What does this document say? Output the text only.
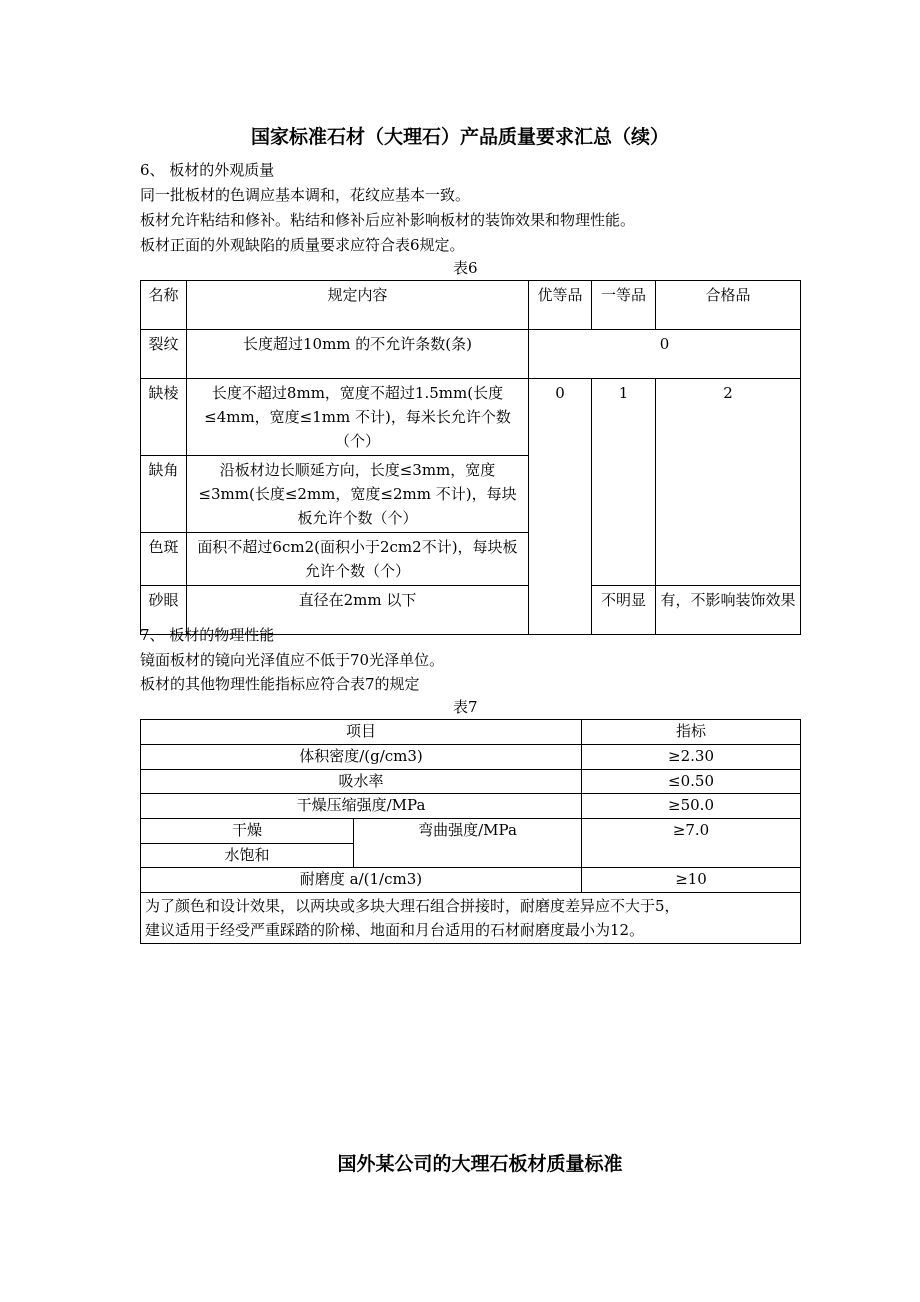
国家标准石材（大理石）产品质量要求汇总（续）
6、 板材的外观质量
同一批板材的色调应基本调和，花纹应基本一致。
板材允许粘结和修补。粘结和修补后应补影响板材的装饰效果和物理性能。
板材正面的外观缺陷的质量要求应符合表6规定。
表6
名称	规定内容	优等品	一等品	合格品
裂纹	长度超过10mm 的不允许条数(条)	0		
缺棱	长度不超过8mm，宽度不超过1.5mm(长度≤4mm，宽度≤1mm 不计)，每米长允许个数（个）	0	1	2
缺角	沿板材边长顺延方向，长度≤3mm，宽度≤3mm(长度≤2mm，宽度≤2mm 不计)，每块板允许个数（个）			
色斑	面积不超过6cm2(面积小于2cm2不计)，每块板允许个数（个）			
砂眼	直径在2mm 以下		不明显	有，不影响装饰效果
7、 板材的物理性能
镜面板材的镜向光泽值应不低于70光泽单位。
板材的其他物理性能指标应符合表7的规定
表7
项目		指标
体积密度/(g/cm3)		≥2.30
吸水率		≤0.50
干燥压缩强度/MPa		≥50.0
干燥	弯曲强度/MPa	≥7.0
水饱和		
耐磨度 a/(1/cm3)		≥10

为了颜色和设计效果，以两块或多块大理石组合拼接时，耐磨度差异应不大于5，
建议适用于经受严重踩踏的阶梯、地面和月台适用的石材耐磨度最小为12。		
国外某公司的大理石板材质量标准
